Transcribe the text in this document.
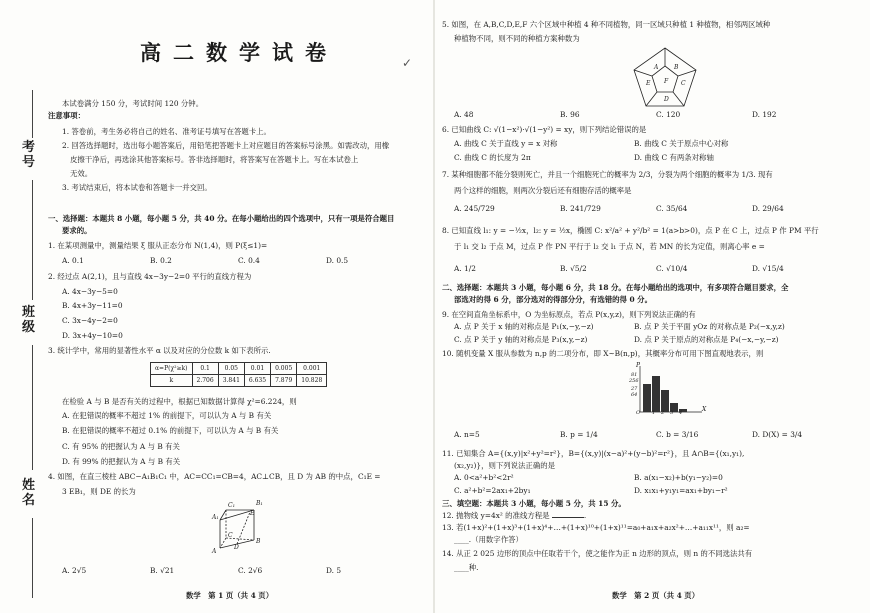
考
号
班
级
姓
名
高二数学试卷	✓
本试卷满分 150 分，考试时间 120 分钟。
注意事项：
1. 答卷前，考生务必将自己的姓名、准考证号填写在答题卡上。
2. 回答选择题时，选出每小题答案后，用铅笔把答题卡上对应题目的答案标号涂黑。如需改动，用橡
皮擦干净后，再选涂其他答案标号。答非选择题时，将答案写在答题卡上。写在本试卷上
无效。
3. 考试结束后，将本试卷和答题卡一并交回。
一、选择题：本题共 8 小题，每小题 5 分，共 40 分。在每小题给出的四个选项中，只有一项是符合题目
要求的。
1. 在某项测量中，测量结果 ξ 服从正态分布 N(1,4)，则 P(ξ≤1)=
A. 0.1	B. 0.2	C. 0.4	D. 0.5
2. 经过点 A(2,1)，且与直线 4x−3y−2=0 平行的直线方程为
A. 4x−3y−5=0
B. 4x+3y−11=0
C. 3x−4y−2=0
D. 3x+4y−10=0
3. 统计学中，常用的显著性水平 α 以及对应的分位数 k 如下表所示.
α=P(χ²≥k)	0.1	0.05	0.01	0.005	0.001
k	2.706	3.841	6.635	7.879	10.828
在检验 A 与 B 是否有关的过程中，根据已知数据计算得 χ²=6.224，则
A. 在犯错误的概率不超过 1% 的前提下，可以认为 A 与 B 有关
B. 在犯错误的概率不超过 0.1% 的前提下，可以认为 A 与 B 有关
C. 有 95% 的把握认为 A 与 B 有关
D. 有 99% 的把握认为 A 与 B 有关
4. 如图，在直三棱柱 ABC−A₁B₁C₁ 中，AC=CC₁=CB=4，AC⊥CB，且 D 为 AB 的中点，C₁E =
3 EB₁，则 DE 的长为
C₁	B₁
A₁
E
C
D
B
A
A. 2√5	B. √21	C. 2√6	D. 5
数学　第 1 页（共 4 页）
5. 如图，在 A,B,C,D,E,F 六个区域中种植 4 种不同植物，同一区域只种植 1 种植物，相邻两区域种
种植物不同，则不同的种植方案种数为
A	B
C
D
E F
A. 48	B. 96	C. 120	D. 192
6. 已知曲线 C: √(1−x²)·√(1−y²) = xy，则下列结论错误的是
A. 曲线 C 关于直线 y = x 对称	B. 曲线 C 关于原点中心对称
C. 曲线 C 的长度为 2π	D. 曲线 C 有两条对称轴
7. 某种细胞都不能分裂则死亡，并且一个细胞死亡的概率为 2/3，分裂为两个细胞的概率为 1/3. 现有
两个这样的细胞，则两次分裂后还有细胞存活的概率是
A. 245/729	B. 241/729	C. 35/64	D. 29/64
8. 已知直线 l₁: y = −½x，l₂: y = ½x，椭圆 C: x²/a² + y²/b² = 1(a>b>0)，点 P 在 C 上，过点 P 作 PM 平行
于 l₁ 交 l₂ 于点 M，过点 P 作 PN 平行于 l₂ 交 l₁ 于点 N，若 MN 的长为定值，则离心率 e =
A. 1/2	B. √5/2	C. √10/4	D. √15/4
二、选择题：本题共 3 小题，每小题 6 分，共 18 分。在每小题给出的选项中，有多项符合题目要求，全
部选对的得 6 分，部分选对的得部分分，有选错的得 0 分。
9. 在空间直角坐标系中，O 为坐标原点，若点 P(x,y,z)，则下列说法正确的有
A. 点 P 关于 x 轴的对称点是 P₁(x,−y,−z)	B. 点 P 关于平面 yOz 的对称点是 P₂(−x,y,z)
C. 点 P 关于 y 轴的对称点是 P₃(x,y,−z)	D. 点 P 关于原点的对称点是 P₄(−x,−y,−z)
10. 随机变量 X 服从参数为 n,p 的二项分布，即 X~B(n,p)，其概率分布可用下图直观地表示，则
P
81
256
27
64
O 1 2 3 4	X
A. n=5	B. p = 1/4	C. b = 3/16	D. D(X) = 3/4
11. 已知集合 A={(x,y)|x²+y²=r²}，B={(x,y)|(x−a)²+(y−b)²=r²}，且 A∩B={(x₁,y₁),
(x₂,y₂)}，则下列说法正确的是
A. 0<a²+b²<2r²	B. a(x₁−x₂)+b(y₁−y₂)=0
C. a²+b²=2ax₁+2by₁	D. x₁x₁+y₁y₁=ax₁+by₁−r²
三、填空题：本题共 3 小题，每小题 5 分，共 15 分。
12. 抛物线 y=4x² 的准线方程是	.
13. 若(1+x)²+(1+x)³+(1+x)⁴+…+(1+x)¹⁰+(1+x)¹¹=a₀+a₁x+a₂x²+…+a₁₁x¹¹，则 a₂=
____.（用数字作答）
14. 从正 2 025 边形的顶点中任取若干个，使之能作为正 n 边形的顶点，则 n 的不同选法共有
____种.
数学　第 2 页（共 4 页）
